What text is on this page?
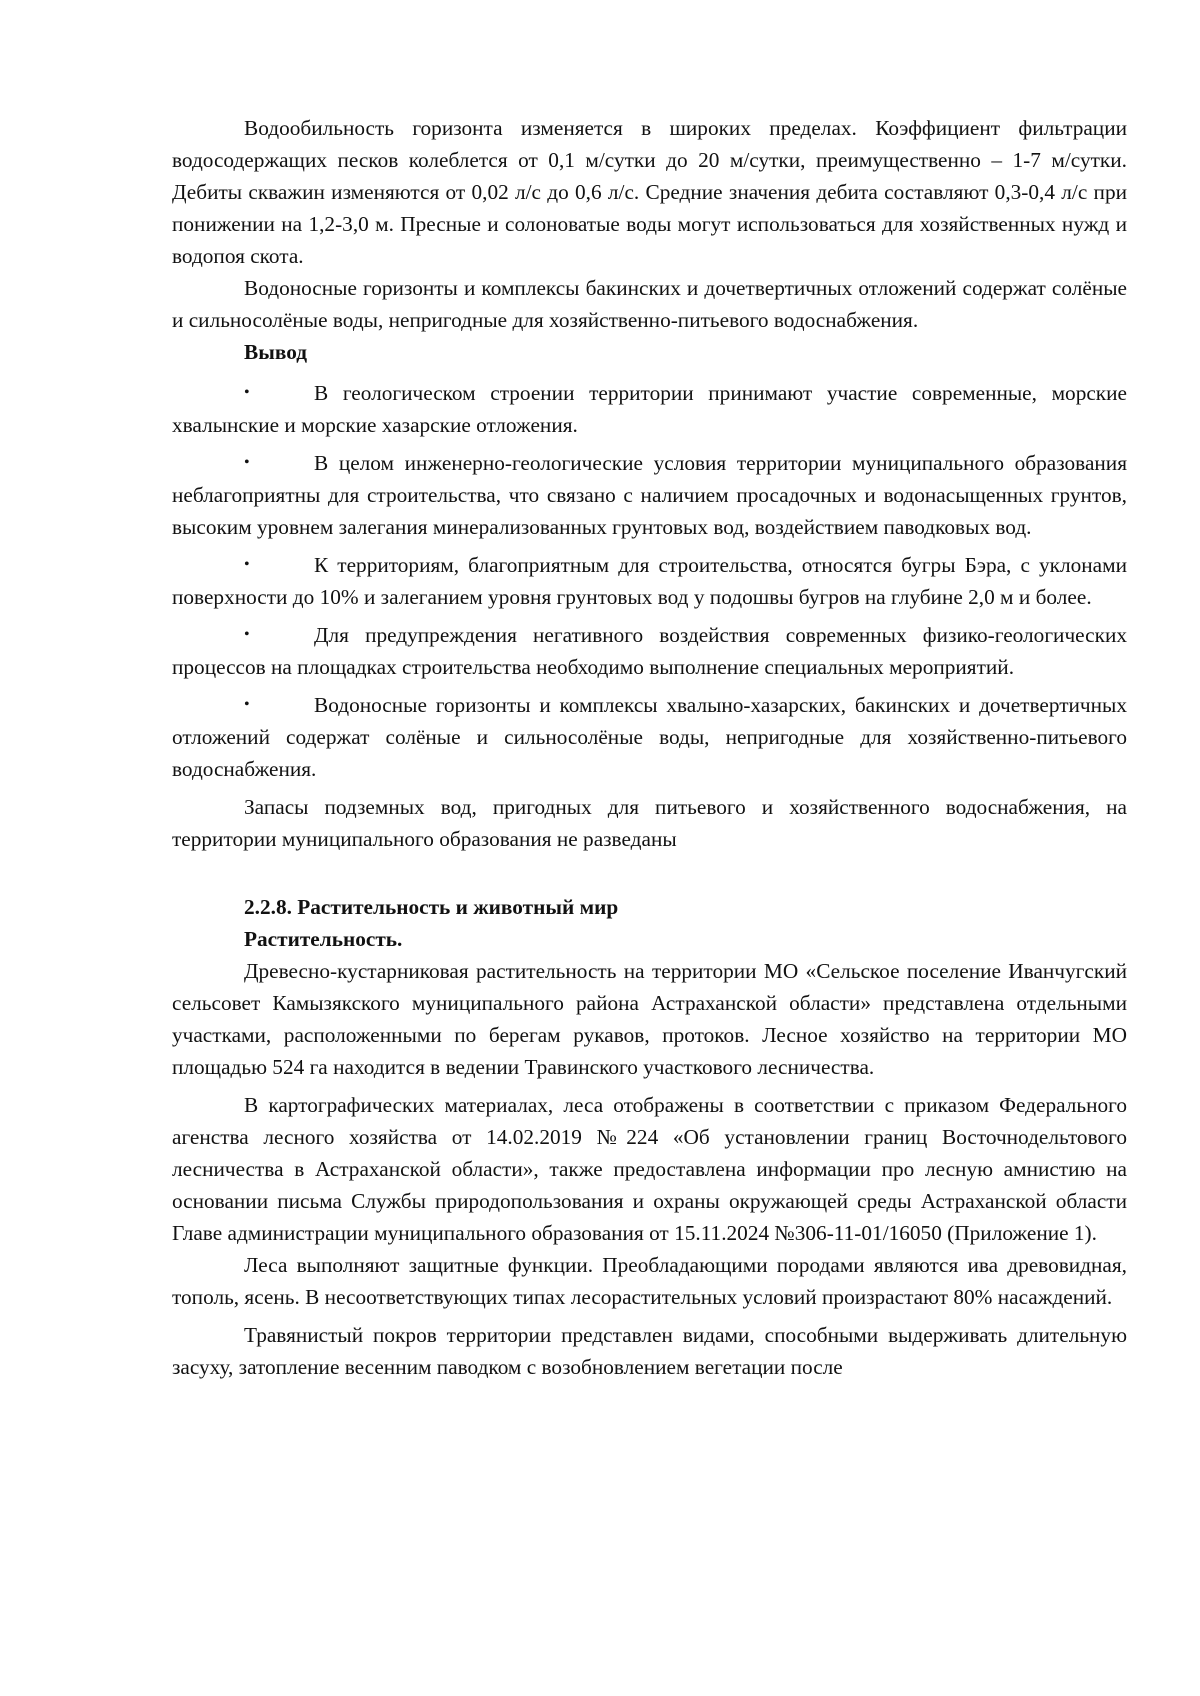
Водообильность горизонта изменяется в широких пределах. Коэффициент фильтрации водосодержащих песков колеблется от 0,1 м/сутки до 20 м/сутки, преимущественно – 1-7 м/сутки. Дебиты скважин изменяются от 0,02 л/с до 0,6 л/с. Средние значения дебита составляют 0,3-0,4 л/с при понижении на 1,2-3,0 м. Пресные и солоноватые воды могут использоваться для хозяйственных нужд и водопоя скота.

Водоносные горизонты и комплексы бакинских и дочетвертичных отложений содержат солёные и сильносолёные воды, непригодные для хозяйственно-питьевого водоснабжения.

Вывод
•	В геологическом строении территории принимают участие современные, морские хвалынские и морские хазарские отложения.
•	В целом инженерно-геологические условия территории муниципального образования неблагоприятны для строительства, что связано с наличием просадочных и водонасыщенных грунтов, высоким уровнем залегания минерализованных грунтовых вод, воздействием паводковых вод.
•	К территориям, благоприятным для строительства, относятся бугры Бэра, с уклонами поверхности до 10% и залеганием уровня грунтовых вод у подошвы бугров на глубине 2,0 м и более.
•	Для предупреждения негативного воздействия современных физико-геологических процессов на площадках строительства необходимо выполнение специальных мероприятий.
•	Водоносные горизонты и комплексы хвалыно-хазарских, бакинских и дочетвертичных отложений содержат солёные и сильносолёные воды, непригодные для хозяйственно-питьевого водоснабжения.

Запасы подземных вод, пригодных для питьевого и хозяйственного водоснабжения, на территории муниципального образования не разведаны

2.2.8. Растительность и животный мир
Растительность.

Древесно-кустарниковая растительность на территории МО «Сельское поселение Иванчугский сельсовет Камызякского муниципального района Астраханской области» представлена отдельными участками, расположенными по берегам рукавов, протоков. Лесное хозяйство на территории МО площадью 524 га находится в ведении Травинского участкового лесничества.

В картографических материалах, леса отображены в соответствии с приказом Федерального агенства лесного хозяйства от 14.02.2019 №224 «Об установлении границ Восточнодельтового лесничества в Астраханской области», также предоставлена информации про лесную амнистию на основании письма Службы природопользования и охраны окружающей среды Астраханской области Главе администрации муниципального образования от 15.11.2024 №306-11-01/16050 (Приложение 1).

Леса выполняют защитные функции. Преобладающими породами являются ива древовидная, тополь, ясень. В несоответствующих типах лесорастительных условий произрастают 80% насаждений.

Травянистый покров территории представлен видами, способными выдерживать длительную засуху, затопление весенним паводком с возобновлением вегетации после
